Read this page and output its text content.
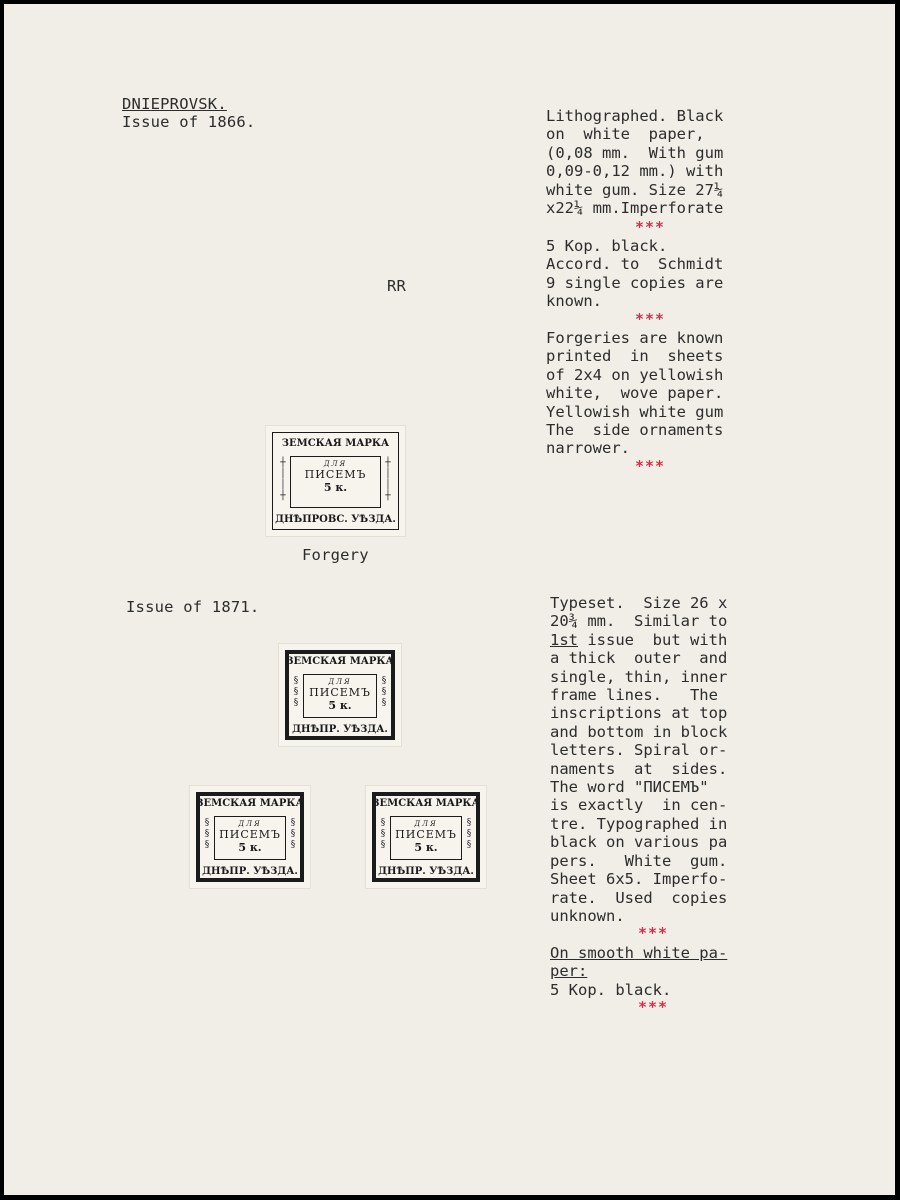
DNIEPROVSK.
Issue of 1866.
RR
Lithographed. Black
on  white  paper,
(0,08 mm.  With gum
0,09-0,12 mm.) with
white gum. Size 27¼
x22¼ mm.Imperforate
***
5 Kop. black.
Accord. to  Schmidt
9 single copies are
known.
***
Forgeries are known
printed  in  sheets
of 2x4 on yellowish
white,  wove paper.
Yellowish white gum
The  side ornaments
narrower.
***
ЗЕМСКАЯ МАРКА
┼
│
│
┼
┼
│
│
┼
ДЛЯ
ПИСЕМЪ
5 к.
ДНѢПРОВС. УѢЗДА.
Forgery
Issue of 1871.
ЗЕМСКАЯ МАРКА
§
§
§
§
§
§
ДЛЯ
ПИСЕМЪ
5 к.
ДНѢПР. УѢЗДА.
ЗЕМСКАЯ МАРКА
§
§
§
§
§
§
ДЛЯ
ПИСЕМЪ
5 к.
ДНѢПР. УѢЗДА.
ЗЕМСКАЯ МАРКА
§
§
§
§
§
§
ДЛЯ
ПИСЕМЪ
5 к.
ДНѢПР. УѢЗДА.
Typeset.  Size 26 x
20¾ mm.  Similar to
1st issue  but with
a thick  outer  and
single, thin, inner
frame lines.   The
inscriptions at top
and bottom in block
letters. Spiral or-
naments  at  sides.
The word "ПИСЕМЪ"
is exactly  in cen-
tre. Typographed in
black on various pa
pers.   White  gum.
Sheet 6x5. Imperfo-
rate.  Used  copies
unknown.
***
On smooth white pa-
per:
5 Kop. black.
***
